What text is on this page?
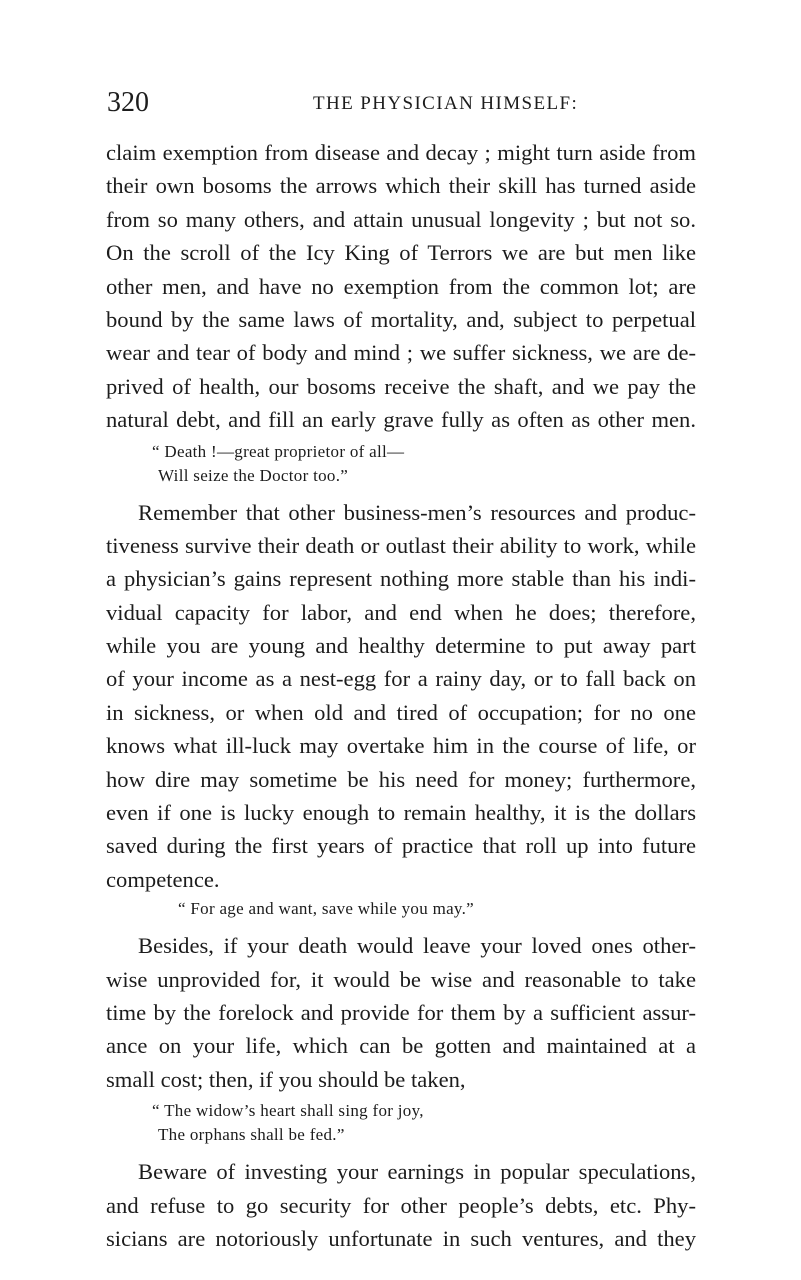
320	THE PHYSICIAN HIMSELF:
claim exemption from disease and decay ; might turn aside from
their own bosoms the arrows which their skill has turned aside
from so many others, and attain unusual longevity ; but not so.
On the scroll of the Icy King of Terrors we are but men like
other men, and have no exemption from the common lot; are
bound by the same laws of mortality, and, subject to perpetual
wear and tear of body and mind ; we suffer sickness, we are de-
prived of health, our bosoms receive the shaft, and we pay the
natural debt, and fill an early grave fully as often as other men.
“ Death !—great proprietor of all—
Will seize the Doctor too.”
Remember that other business-men’s resources and produc-
tiveness survive their death or outlast their ability to work, while
a physician’s gains represent nothing more stable than his indi-
vidual capacity for labor, and end when he does; therefore,
while you are young and healthy determine to put away part
of your income as a nest-egg for a rainy day, or to fall back on
in sickness, or when old and tired of occupation; for no one
knows what ill-luck may overtake him in the course of life, or
how dire may sometime be his need for money; furthermore,
even if one is lucky enough to remain healthy, it is the dollars
saved during the first years of practice that roll up into future
competence.
“ For age and want, save while you may.”
Besides, if your death would leave your loved ones other-
wise unprovided for, it would be wise and reasonable to take
time by the forelock and provide for them by a sufficient assur-
ance on your life, which can be gotten and maintained at a
small cost; then, if you should be taken,
“ The widow’s heart shall sing for joy,
The orphans shall be fed.”
Beware of investing your earnings in popular speculations,
and refuse to go security for other people’s debts, etc. Phy-
sicians are notoriously unfortunate in such ventures, and they
